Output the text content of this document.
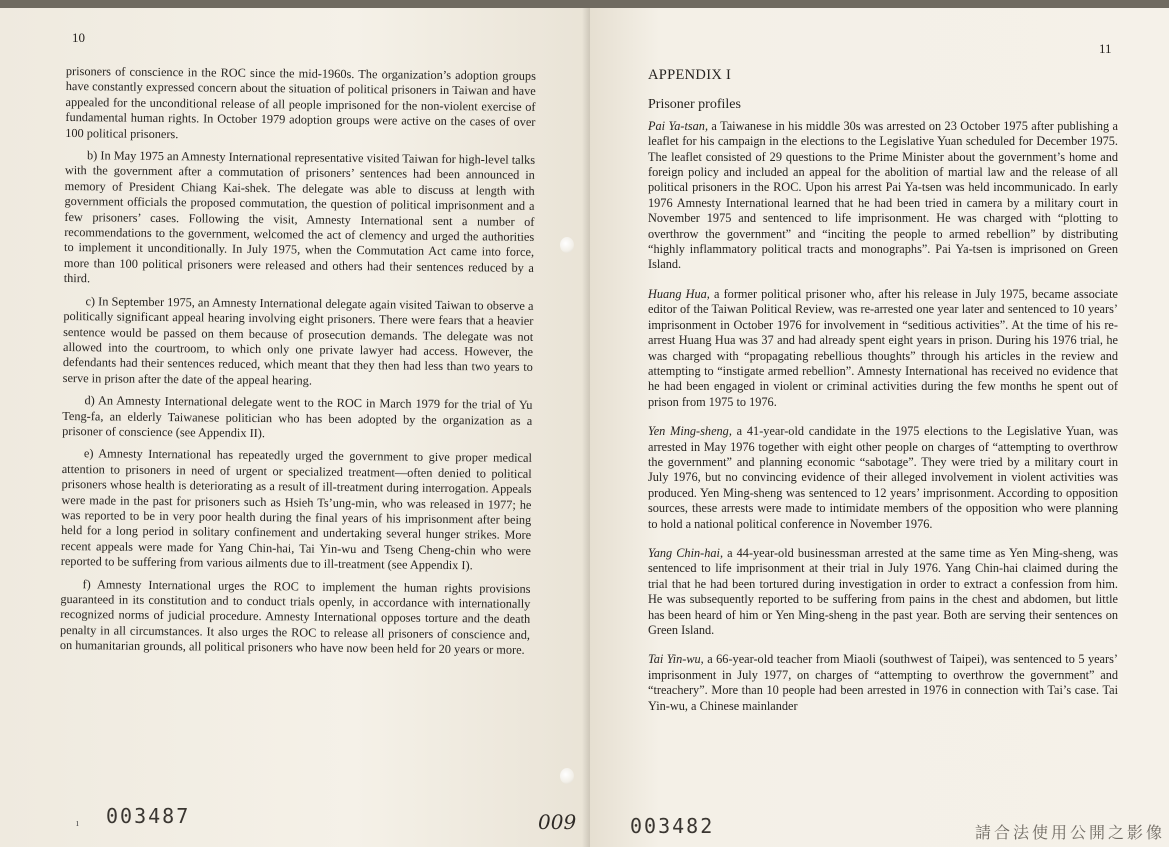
10

prisoners of conscience in the ROC since the mid-1960s. The organization’s adoption groups have constantly expressed concern about the situation of political prisoners in Taiwan and have appealed for the unconditional release of all people imprisoned for the non-violent exercise of fundamental human rights. In October 1979 adoption groups were active on the cases of over 100 political prisoners.

b) In May 1975 an Amnesty International representative visited Taiwan for high-level talks with the government after a commutation of prisoners’ sentences had been announced in memory of President Chiang Kai-shek. The delegate was able to discuss at length with government officials the proposed commutation, the question of political imprisonment and a few prisoners’ cases. Following the visit, Amnesty International sent a number of recommendations to the government, welcomed the act of clemency and urged the authorities to implement it unconditionally. In July 1975, when the Commutation Act came into force, more than 100 political prisoners were released and others had their sentences reduced by a third.

c) In September 1975, an Amnesty International delegate again visited Taiwan to observe a politically significant appeal hearing involving eight prisoners. There were fears that a heavier sentence would be passed on them because of prosecution demands. The delegate was not allowed into the courtroom, to which only one private lawyer had access. However, the defendants had their sentences reduced, which meant that they then had less than two years to serve in prison after the date of the appeal hearing.

d) An Amnesty International delegate went to the ROC in March 1979 for the trial of Yu Teng-fa, an elderly Taiwanese politician who has been adopted by the organization as a prisoner of conscience (see Appendix II).

e) Amnesty International has repeatedly urged the government to give proper medical attention to prisoners in need of urgent or specialized treatment—often denied to political prisoners whose health is deteriorating as a result of ill-treatment during interrogation. Appeals were made in the past for prisoners such as Hsieh Ts’ung-min, who was released in 1977; he was reported to be in very poor health during the final years of his imprisonment after being held for a long period in solitary confinement and undertaking several hunger strikes. More recent appeals were made for Yang Chin-hai, Tai Yin-wu and Tseng Cheng-chin who were reported to be suffering from various ailments due to ill-treatment (see Appendix I).

f) Amnesty International urges the ROC to implement the human rights provisions guaranteed in its constitution and to conduct trials openly, in accordance with internationally recognized norms of judicial procedure. Amnesty International opposes torture and the death penalty in all circumstances. It also urges the ROC to release all prisoners of conscience and, on humanitarian grounds, all political prisoners who have now been held for 20 years or more.

ı 003487	009
11
APPENDIX I
Prisoner profiles

Pai Ya-tsan, a Taiwanese in his middle 30s was arrested on 23 October 1975 after publishing a leaflet for his campaign in the elections to the Legislative Yuan scheduled for December 1975. The leaflet consisted of 29 questions to the Prime Minister about the government’s home and foreign policy and included an appeal for the abolition of martial law and the release of all political prisoners in the ROC. Upon his arrest Pai Ya-tsen was held incommunicado. In early 1976 Amnesty International learned that he had been tried in camera by a military court in November 1975 and sentenced to life imprisonment. He was charged with “plotting to overthrow the government” and “inciting the people to armed rebellion” by distributing “highly inflammatory political tracts and monographs”. Pai Ya-tsen is imprisoned on Green Island.

Huang Hua, a former political prisoner who, after his release in July 1975, became associate editor of the Taiwan Political Review, was re-arrested one year later and sentenced to 10 years’ imprisonment in October 1976 for involvement in “seditious activities”. At the time of his re-arrest Huang Hua was 37 and had already spent eight years in prison. During his 1976 trial, he was charged with “propagating rebellious thoughts” through his articles in the review and attempting to “instigate armed rebellion”. Amnesty International has received no evidence that he had been engaged in violent or criminal activities during the few months he spent out of prison from 1975 to 1976.

Yen Ming-sheng, a 41-year-old candidate in the 1975 elections to the Legislative Yuan, was arrested in May 1976 together with eight other people on charges of “attempting to overthrow the government” and planning economic “sabotage”. They were tried by a military court in July 1976, but no convincing evidence of their alleged involvement in violent activities was produced. Yen Ming-sheng was sentenced to 12 years’ imprisonment. According to opposition sources, these arrests were made to intimidate members of the opposition who were planning to hold a national political conference in November 1976.

Yang Chin-hai, a 44-year-old businessman arrested at the same time as Yen Ming-sheng, was sentenced to life imprisonment at their trial in July 1976. Yang Chin-hai claimed during the trial that he had been tortured during investigation in order to extract a confession from him. He was subsequently reported to be suffering from pains in the chest and abdomen, but little has been heard of him or Yen Ming-sheng in the past year. Both are serving their sentences on Green Island.

Tai Yin-wu, a 66-year-old teacher from Miaoli (southwest of Taipei), was sentenced to 5 years’ imprisonment in July 1977, on charges of “attempting to overthrow the government” and “treachery”. More than 10 people had been arrested in 1976 in connection with Tai’s case. Tai Yin-wu, a Chinese mainlander

003482	請合法使用公開之影像
